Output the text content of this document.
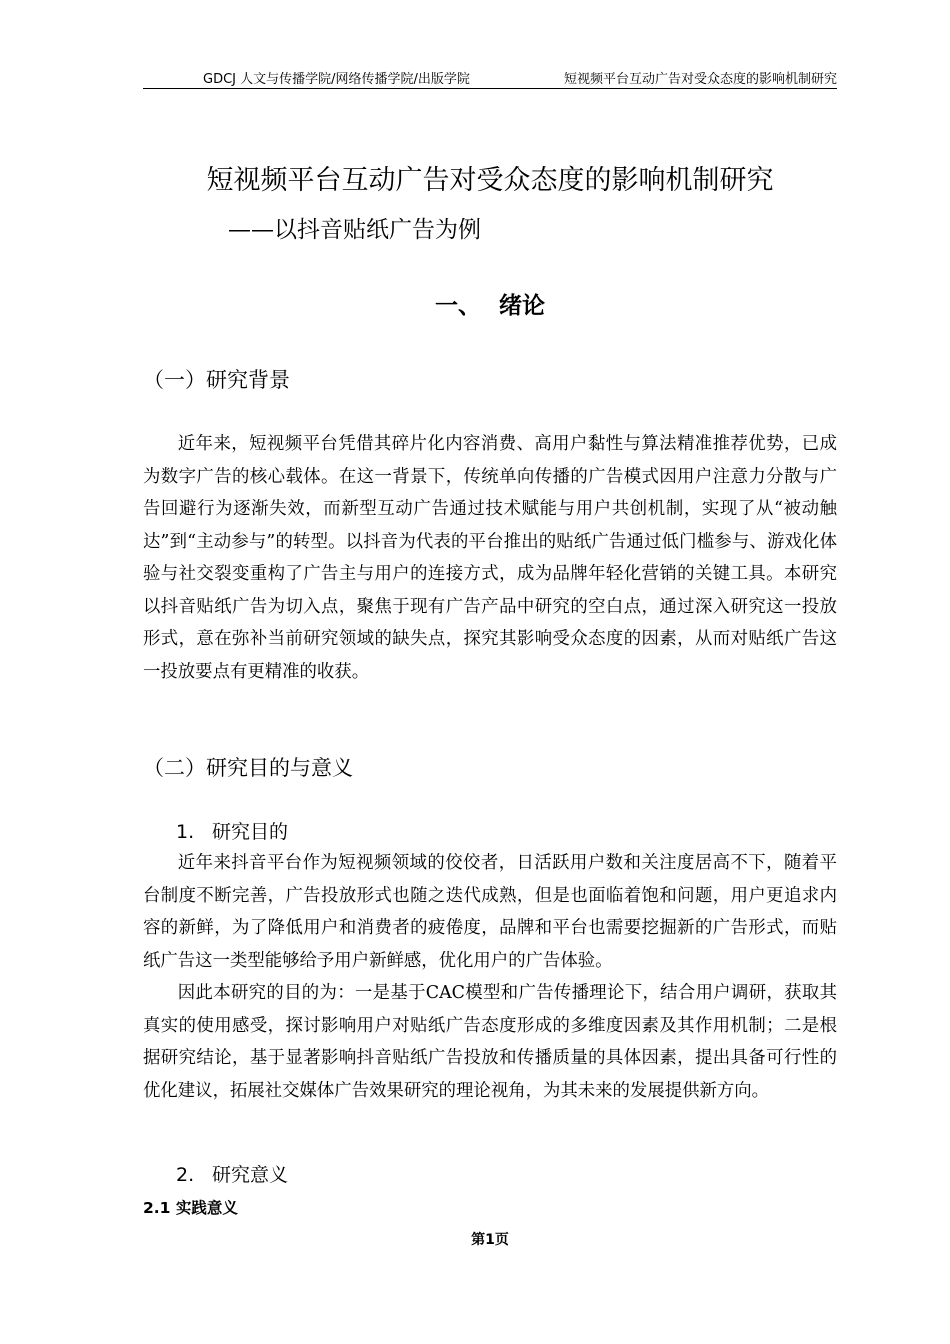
GDCJ 人文与传播学院/网络传播学院/出版学院	短视频平台互动广告对受众态度的影响机制研究
短视频平台互动广告对受众态度的影响机制研究
——以抖音贴纸广告为例
一、 绪论
（一）研究背景

近年来，短视频平台凭借其碎片化内容消费、高用户黏性与算法精准推荐优势，已成为数字广告的核心载体。在这一背景下，传统单向传播的广告模式因用户注意力分散与广告回避行为逐渐失效，而新型互动广告通过技术赋能与用户共创机制，实现了从“被动触达”到“主动参与”的转型。以抖音为代表的平台推出的贴纸广告通过低门槛参与、游戏化体验与社交裂变重构了广告主与用户的连接方式，成为品牌年轻化营销的关键工具。本研究以抖音贴纸广告为切入点，聚焦于现有广告产品中研究的空白点，通过深入研究这一投放形式，意在弥补当前研究领域的缺失点，探究其影响受众态度的因素，从而对贴纸广告这一投放要点有更精准的收获。

（二）研究目的与意义
1. 研究目的

近年来抖音平台作为短视频领域的佼佼者，日活跃用户数和关注度居高不下，随着平台制度不断完善，广告投放形式也随之迭代成熟，但是也面临着饱和问题，用户更追求内容的新鲜，为了降低用户和消费者的疲倦度，品牌和平台也需要挖掘新的广告形式，而贴纸广告这一类型能够给予用户新鲜感，优化用户的广告体验。

因此本研究的目的为：一是基于CAC模型和广告传播理论下，结合用户调研，获取其真实的使用感受，探讨影响用户对贴纸广告态度形成的多维度因素及其作用机制；二是根据研究结论，基于显著影响抖音贴纸广告投放和传播质量的具体因素，提出具备可行性的优化建议，拓展社交媒体广告效果研究的理论视角，为其未来的发展提供新方向。

2. 研究意义
2.1 实践意义
第1页
